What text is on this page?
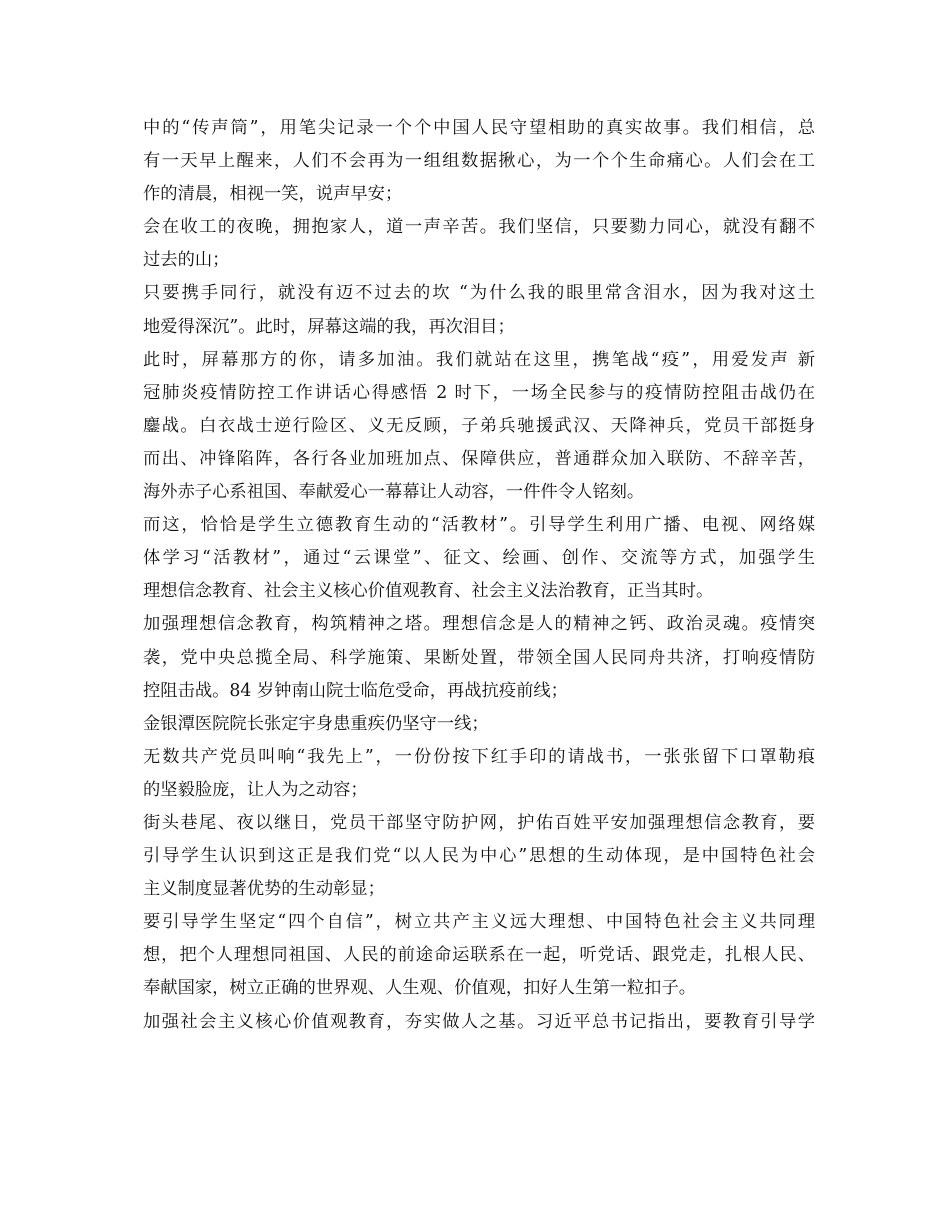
中的“传声筒”，用笔尖记录一个个中国人民守望相助的真实故事。我们相信，总
有一天早上醒来，人们不会再为一组组数据揪心，为一个个生命痛心。人们会在工
作的清晨，相视一笑，说声早安；
会在收工的夜晚，拥抱家人，道一声辛苦。我们坚信，只要勠力同心，就没有翻不
过去的山；
只要携手同行，就没有迈不过去的坎 “为什么我的眼里常含泪水，因为我对这土
地爱得深沉”。此时，屏幕这端的我，再次泪目；
此时，屏幕那方的你，请多加油。我们就站在这里，携笔战“疫”，用爱发声 新
冠肺炎疫情防控工作讲话心得感悟 2 时下，一场全民参与的疫情防控阻击战仍在
鏖战。白衣战士逆行险区、义无反顾，子弟兵驰援武汉、天降神兵，党员干部挺身
而出、冲锋陷阵，各行各业加班加点、保障供应，普通群众加入联防、不辞辛苦，
海外赤子心系祖国、奉献爱心一幕幕让人动容，一件件令人铭刻。
而这，恰恰是学生立德教育生动的“活教材”。引导学生利用广播、电视、网络媒
体学习“活教材”，通过“云课堂”、征文、绘画、创作、交流等方式，加强学生
理想信念教育、社会主义核心价值观教育、社会主义法治教育，正当其时。
加强理想信念教育，构筑精神之塔。理想信念是人的精神之钙、政治灵魂。疫情突
袭，党中央总揽全局、科学施策、果断处置，带领全国人民同舟共济，打响疫情防
控阻击战。84 岁钟南山院士临危受命，再战抗疫前线；
金银潭医院院长张定宇身患重疾仍坚守一线；
无数共产党员叫响“我先上”，一份份按下红手印的请战书，一张张留下口罩勒痕
的坚毅脸庞，让人为之动容；
街头巷尾、夜以继日，党员干部坚守防护网，护佑百姓平安加强理想信念教育，要
引导学生认识到这正是我们党“以人民为中心”思想的生动体现，是中国特色社会
主义制度显著优势的生动彰显；
要引导学生坚定“四个自信”，树立共产主义远大理想、中国特色社会主义共同理
想，把个人理想同祖国、人民的前途命运联系在一起，听党话、跟党走，扎根人民、
奉献国家，树立正确的世界观、人生观、价值观，扣好人生第一粒扣子。
加强社会主义核心价值观教育，夯实做人之基。习近平总书记指出，要教育引导学
